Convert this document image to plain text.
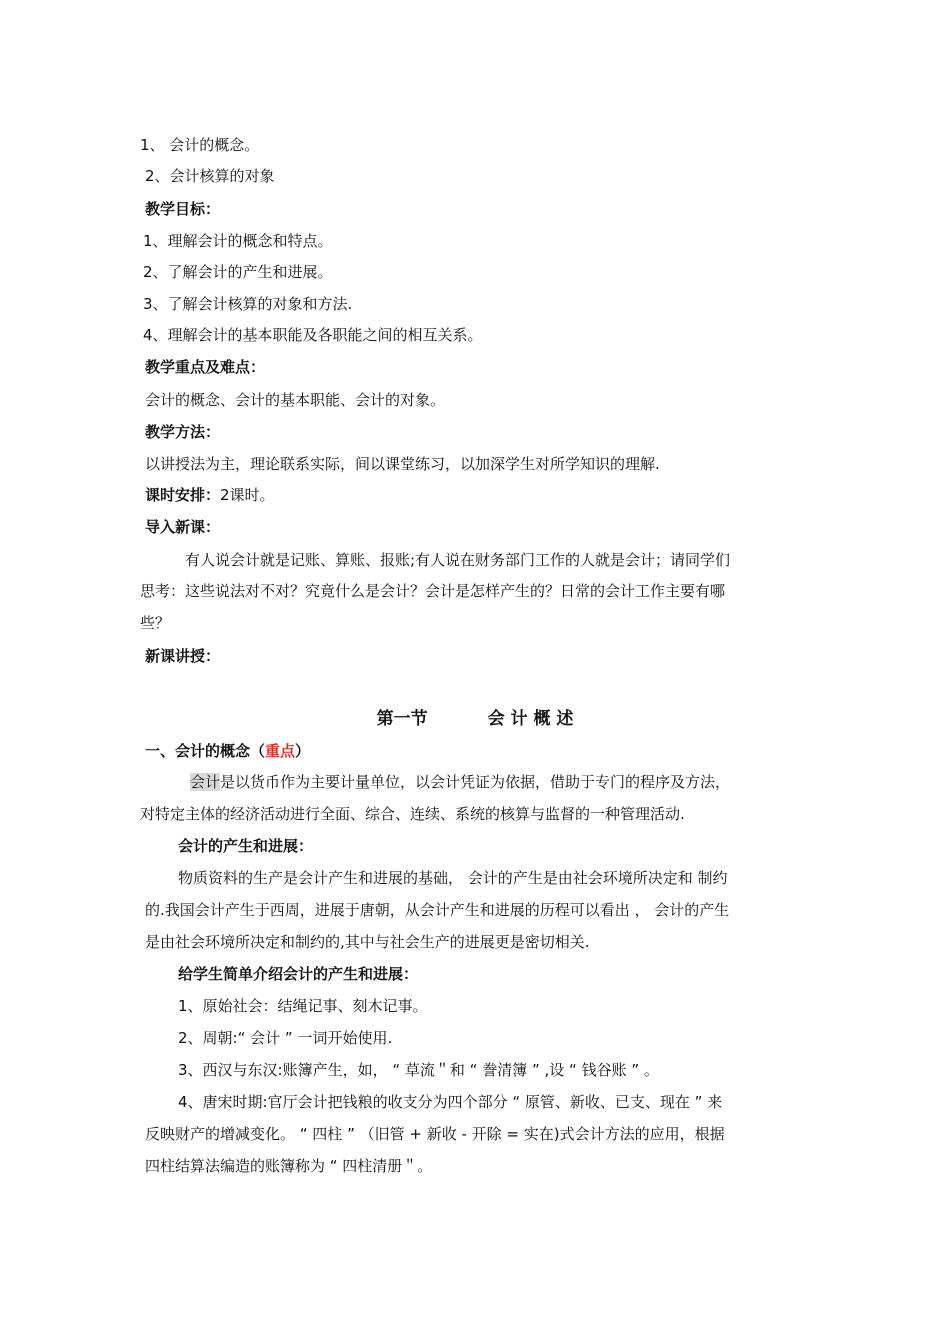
1、 会计的概念。
2、会计核算的对象
教学目标：
1、理解会计的概念和特点。
2、了解会计的产生和进展。
3、了解会计核算的对象和方法.
4、理解会计的基本职能及各职能之间的相互关系。
教学重点及难点：
会计的概念、会计的基本职能、会计的对象。
教学方法：
以讲授法为主，理论联系实际，间以课堂练习，以加深学生对所学知识的理解.
课时安排：2课时。
导入新课：
有人说会计就是记账、算账、报账;有人说在财务部门工作的人就是会计；请同学们
思考：这些说法对不对？究竟什么是会计？会计是怎样产生的？日常的会计工作主要有哪
些？
新课讲授：
第一节	会 计 概 述
一、会计的概念（重点）
会计是以货币作为主要计量单位，以会计凭证为依据，借助于专门的程序及方法，
对特定主体的经济活动进行全面、综合、连续、系统的核算与监督的一种管理活动.
会计的产生和进展：
物质资料的生产是会计产生和进展的基础， 会计的产生是由社会环境所决定和 制约
的.我国会计产生于西周，进展于唐朝，从会计产生和进展的历程可以看出 ， 会计的产生
是由社会环境所决定和制约的,其中与社会生产的进展更是密切相关.
给学生简单介绍会计的产生和进展：
1、原始社会：结绳记事、刻木记事。
2、周朝:“ 会计 ” 一词开始使用.
3、西汉与东汉:账簿产生，如， “ 草流＂和 “ 誊清簿 ” ,设 “ 钱谷账 ” 。
4、唐宋时期:官厅会计把钱粮的收支分为四个部分 “ 原管、新收、已支、现在 ” 来
反映财产的增减变化。 “ 四柱 ” （旧管 + 新收 - 开除 = 实在)式会计方法的应用，根据
四柱结算法编造的账簿称为 “ 四柱清册＂。
